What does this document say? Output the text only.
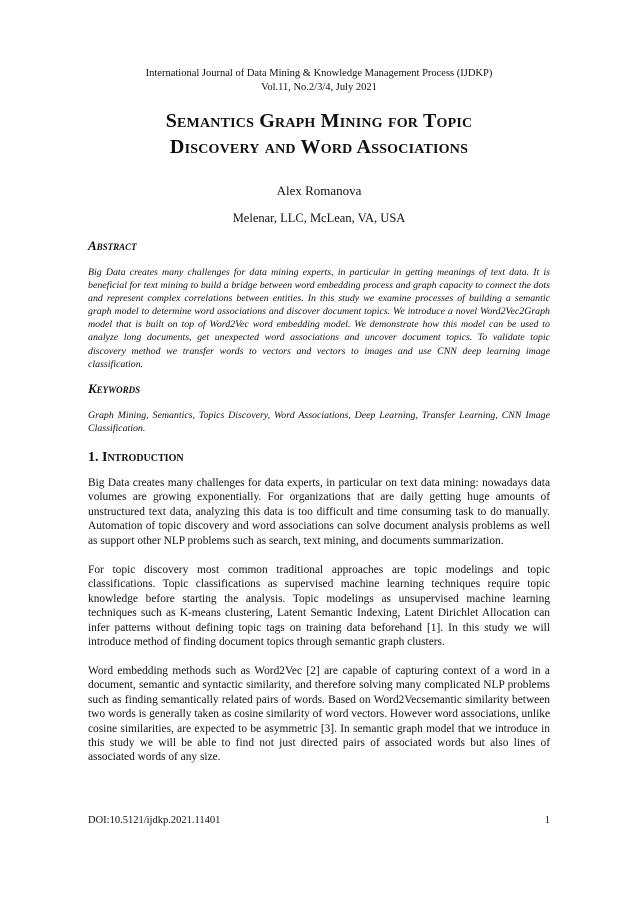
International Journal of Data Mining & Knowledge Management Process (IJDKP)
Vol.11, No.2/3/4, July 2021
Semantics Graph Mining for Topic
Discovery and Word Associations
Alex Romanova
Melenar, LLC, McLean, VA, USA
Abstract
Big Data creates many challenges for data mining experts, in particular in getting meanings of text data. It is beneficial for text mining to build a bridge between word embedding process and graph capacity to connect the dots and represent complex correlations between entities. In this study we examine processes of building a semantic graph model to determine word associations and discover document topics. We introduce a novel Word2Vec2Graph model that is built on top of Word2Vec word embedding model. We demonstrate how this model can be used to analyze long documents, get unexpected word associations and uncover document topics. To validate topic discovery method we transfer words to vectors and vectors to images and use CNN deep learning image classification.
Keywords
Graph Mining, Semantics, Topics Discovery, Word Associations, Deep Learning, Transfer Learning, CNN Image Classification.
1. Introduction
Big Data creates many challenges for data experts, in particular on text data mining: nowadays data volumes are growing exponentially. For organizations that are daily getting huge amounts of unstructured text data, analyzing this data is too difficult and time consuming task to do manually. Automation of topic discovery and word associations can solve document analysis problems as well as support other NLP problems such as search, text mining, and documents summarization.
For topic discovery most common traditional approaches are topic modelings and topic classifications. Topic classifications as supervised machine learning techniques require topic knowledge before starting the analysis. Topic modelings as unsupervised machine learning techniques such as K-means clustering, Latent Semantic Indexing, Latent Dirichlet Allocation can infer patterns without defining topic tags on training data beforehand [1]. In this study we will introduce method of finding document topics through semantic graph clusters.
Word embedding methods such as Word2Vec [2] are capable of capturing context of a word in a document, semantic and syntactic similarity, and therefore solving many complicated NLP problems such as finding semantically related pairs of words. Based on Word2Vecsemantic similarity between two words is generally taken as cosine similarity of word vectors. However word associations, unlike cosine similarities, are expected to be asymmetric [3]. In semantic graph model that we introduce in this study we will be able to find not just directed pairs of associated words but also lines of associated words of any size.
DOI:10.5121/ijdkp.2021.11401	1
